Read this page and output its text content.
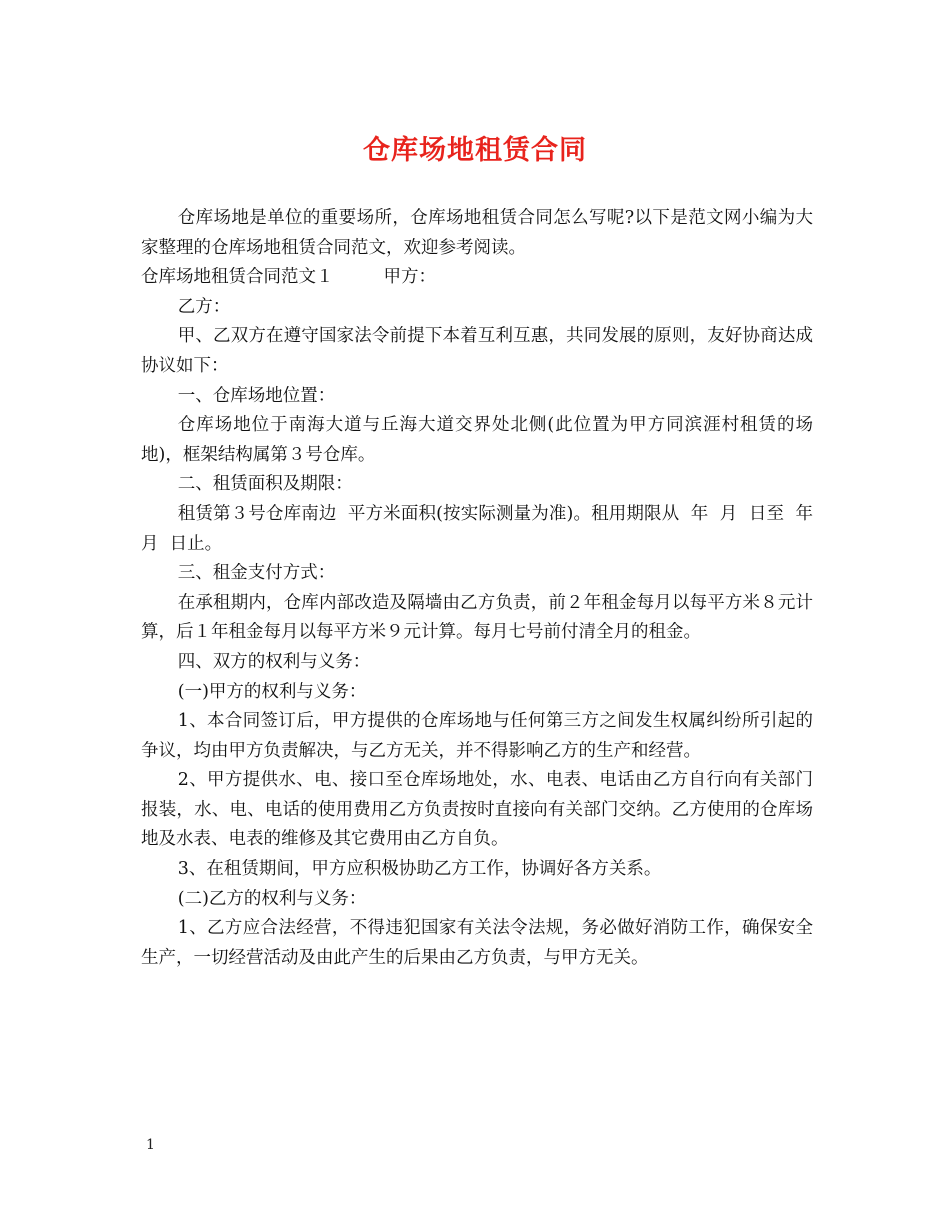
仓库场地租赁合同

仓库场地是单位的重要场所，仓库场地租赁合同怎么写呢?以下是范文网小编为大家整理的仓库场地租赁合同范文，欢迎参考阅读。

仓库场地租赁合同范文１	甲方：

乙方：

甲、乙双方在遵守国家法令前提下本着互利互惠，共同发展的原则，友好协商达成协议如下：

一、仓库场地位置：

仓库场地位于南海大道与丘海大道交界处北侧(此位置为甲方同滨涯村租赁的场地)，框架结构属第３号仓库。

二、租赁面积及期限：

租赁第３号仓库南边  平方米面积(按实际测量为准)。租用期限从  年  月  日至  年  月  日止。

三、租金支付方式：

在承租期内，仓库内部改造及隔墙由乙方负责，前２年租金每月以每平方米８元计算，后１年租金每月以每平方米９元计算。每月七号前付清全月的租金。

四、双方的权利与义务：

(一)甲方的权利与义务：

1、本合同签订后，甲方提供的仓库场地与任何第三方之间发生权属纠纷所引起的争议，均由甲方负责解决，与乙方无关，并不得影响乙方的生产和经营。

2、甲方提供水、电、接口至仓库场地处，水、电表、电话由乙方自行向有关部门报装，水、电、电话的使用费用乙方负责按时直接向有关部门交纳。乙方使用的仓库场地及水表、电表的维修及其它费用由乙方自负。

3、在租赁期间，甲方应积极协助乙方工作，协调好各方关系。

(二)乙方的权利与义务：

1、乙方应合法经营，不得违犯国家有关法令法规，务必做好消防工作，确保安全生产，一切经营活动及由此产生的后果由乙方负责，与甲方无关。

1
